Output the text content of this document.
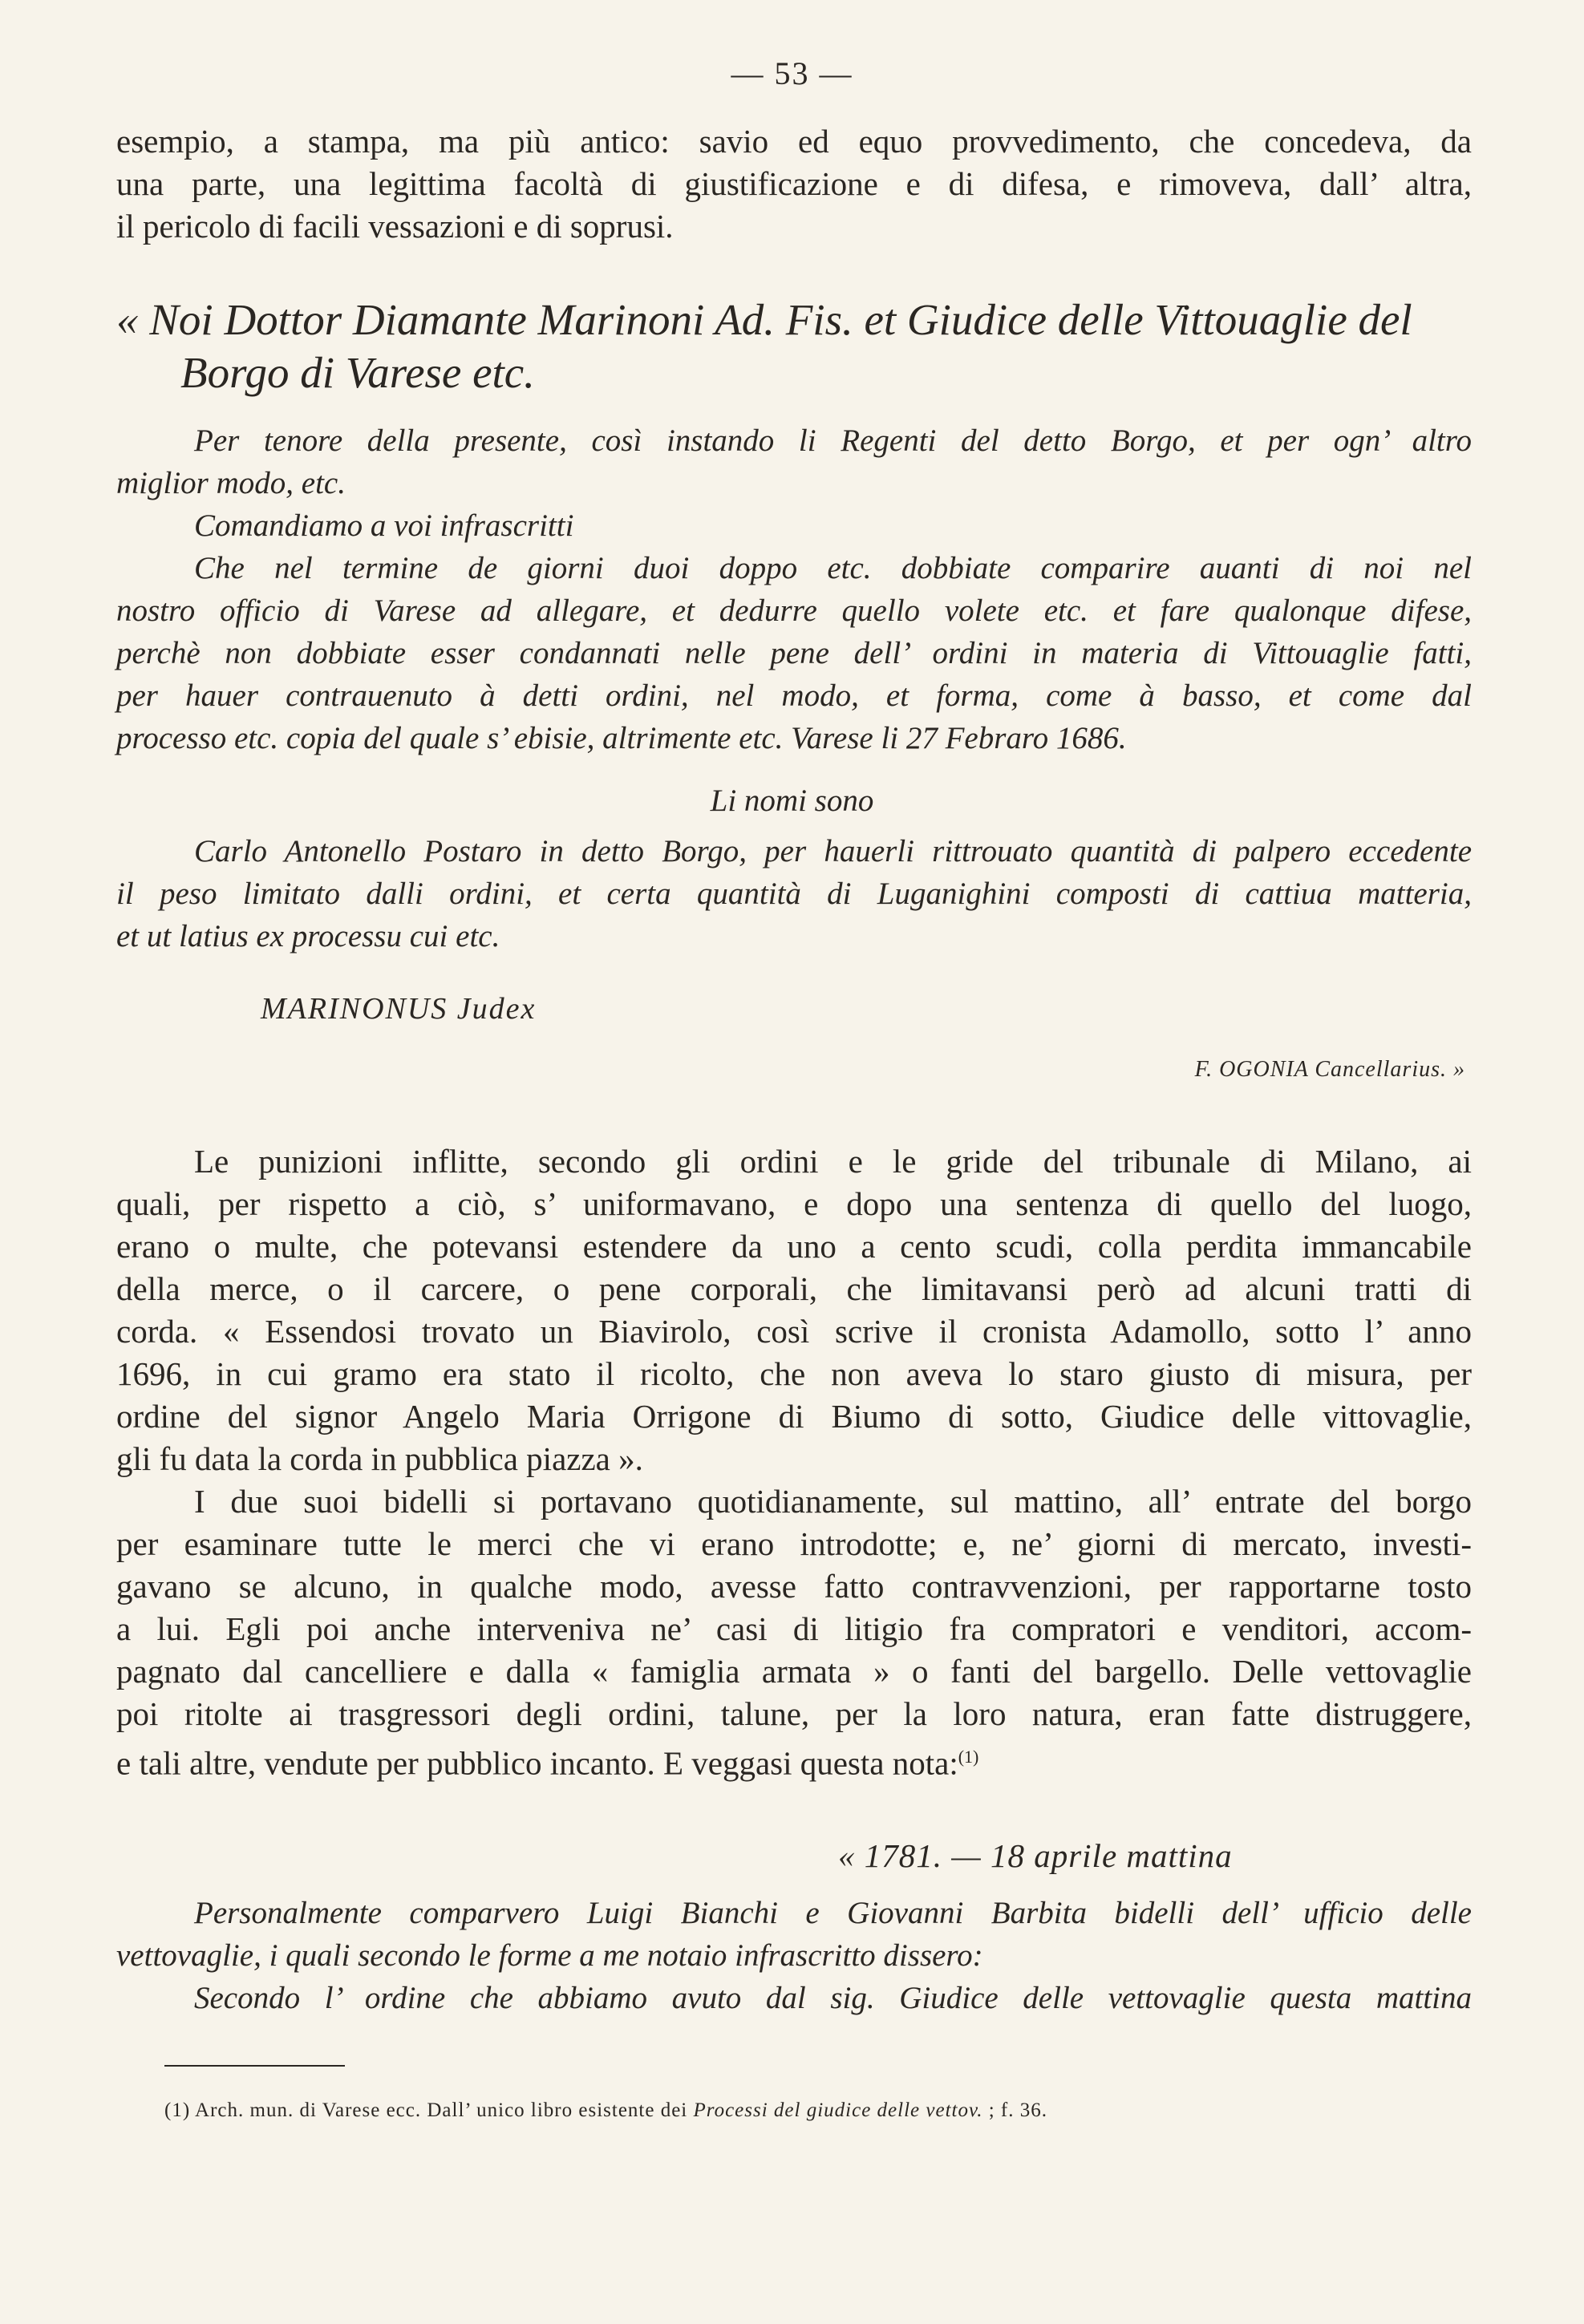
— 53 —
esempio, a stampa, ma più antico: savio ed equo provvedimento, che concedeva, da
una parte, una legittima facoltà di giustificazione e di difesa, e rimoveva, dall’ altra,
il pericolo di facili vessazioni e di soprusi.
« Noi Dottor Diamante Marinoni Ad. Fis. et Giudice delle Vittouaglie del
Borgo di Varese etc.
Per tenore della presente, così instando li Regenti del detto Borgo, et per ogn’ altro
miglior modo, etc.
Comandiamo a voi infrascritti
Che nel termine de giorni duoi doppo etc. dobbiate comparire auanti di noi nel
nostro officio di Varese ad allegare, et dedurre quello volete etc. et fare qualonque difese,
perchè non dobbiate esser condannati nelle pene dell’ ordini in materia di Vittouaglie fatti,
per hauer contrauenuto à detti ordini, nel modo, et forma, come à basso, et come dal
processo etc. copia del quale s’ ebisie, altrimente etc. Varese li 27 Febraro 1686.
Li nomi sono
Carlo Antonello Postaro in detto Borgo, per hauerli rittrouato quantità di palpero eccedente
il peso limitato dalli ordini, et certa quantità di Luganighini composti di cattiua matteria,
et ut latius ex processu cui etc.
MARINONUS Judex
F. OGONIA Cancellarius. »
Le punizioni inflitte, secondo gli ordini e le gride del tribunale di Milano, ai
quali, per rispetto a ciò, s’ uniformavano, e dopo una sentenza di quello del luogo,
erano o multe, che potevansi estendere da uno a cento scudi, colla perdita immancabile
della merce, o il carcere, o pene corporali, che limitavansi però ad alcuni tratti di
corda. « Essendosi trovato un Biavirolo, così scrive il cronista Adamollo, sotto l’ anno
1696, in cui gramo era stato il ricolto, che non aveva lo staro giusto di misura, per
ordine del signor Angelo Maria Orrigone di Biumo di sotto, Giudice delle vittovaglie,
gli fu data la corda in pubblica piazza ».
I due suoi bidelli si portavano quotidianamente, sul mattino, all’ entrate del borgo
per esaminare tutte le merci che vi erano introdotte; e, ne’ giorni di mercato, investi-
gavano se alcuno, in qualche modo, avesse fatto contravvenzioni, per rapportarne tosto
a lui. Egli poi anche interveniva ne’ casi di litigio fra compratori e venditori, accom-
pagnato dal cancelliere e dalla « famiglia armata » o fanti del bargello. Delle vettovaglie
poi ritolte ai trasgressori degli ordini, talune, per la loro natura, eran fatte distruggere,
e tali altre, vendute per pubblico incanto. E veggasi questa nota:$^{(1)}$
« 1781. — 18 aprile mattina
Personalmente comparvero Luigi Bianchi e Giovanni Barbita bidelli dell’ ufficio delle
vettovaglie, i quali secondo le forme a me notaio infrascritto dissero:
Secondo l’ ordine che abbiamo avuto dal sig. Giudice delle vettovaglie questa mattina
(1) Arch. mun. di Varese ecc. Dall’ unico libro esistente dei Processi del giudice delle vettov. ; f. 36.
